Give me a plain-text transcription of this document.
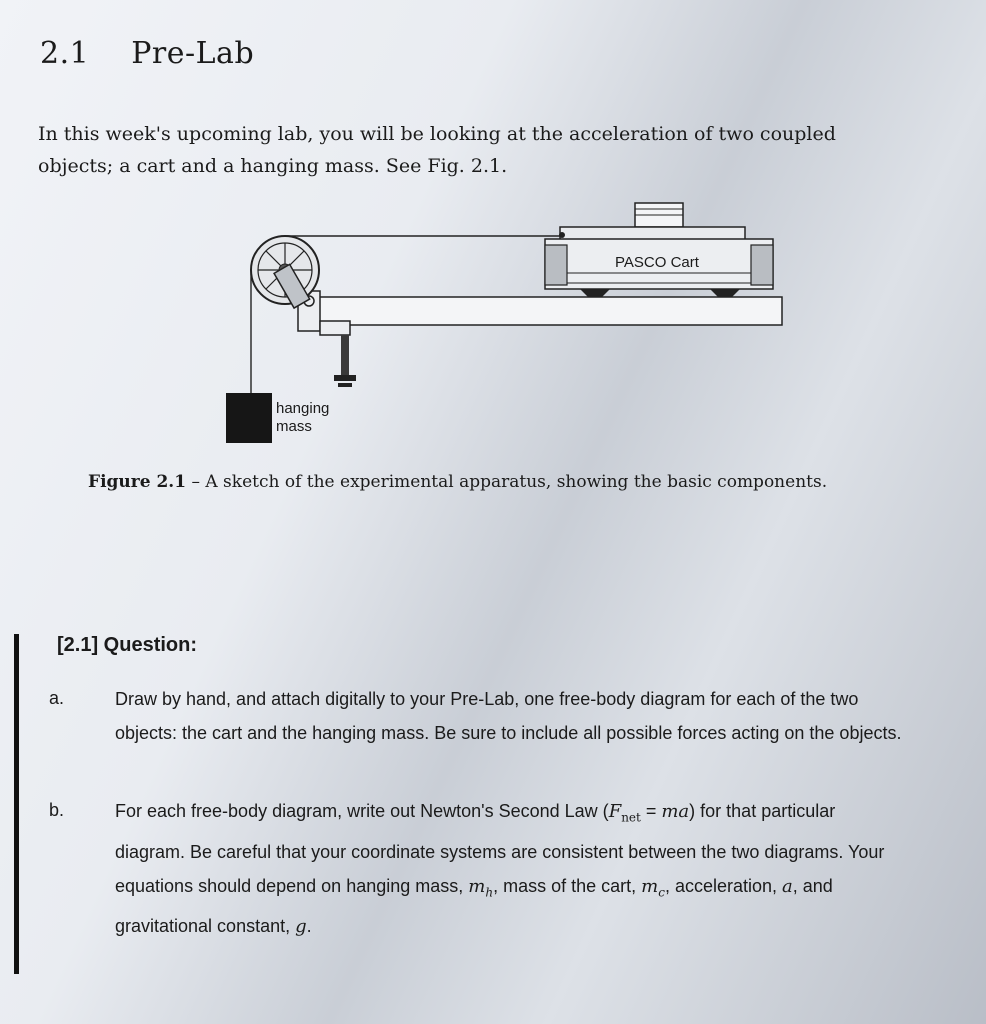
2.1 Pre-Lab

In this week's upcoming lab, you will be looking at the acceleration of two coupled objects; a cart and a hanging mass. See Fig. 2.1.

hanging
mass
PASCO Cart

Figure 2.1 – A sketch of the experimental apparatus, showing the basic components.

[2.1] Question:
a.	Draw by hand, and attach digitally to your Pre-Lab, one free-body diagram for each of the two objects: the cart and the hanging mass. Be sure to include all possible forces acting on the objects.

b.	For each free-body diagram, write out Newton's Second Law $(F_{net} = ma)$ for that particular diagram. Be careful that your coordinate systems are consistent between the two diagrams. Your equations should depend on hanging mass, $m_h$, mass of the cart, $m_c$, acceleration, a, and gravitational constant, g.
